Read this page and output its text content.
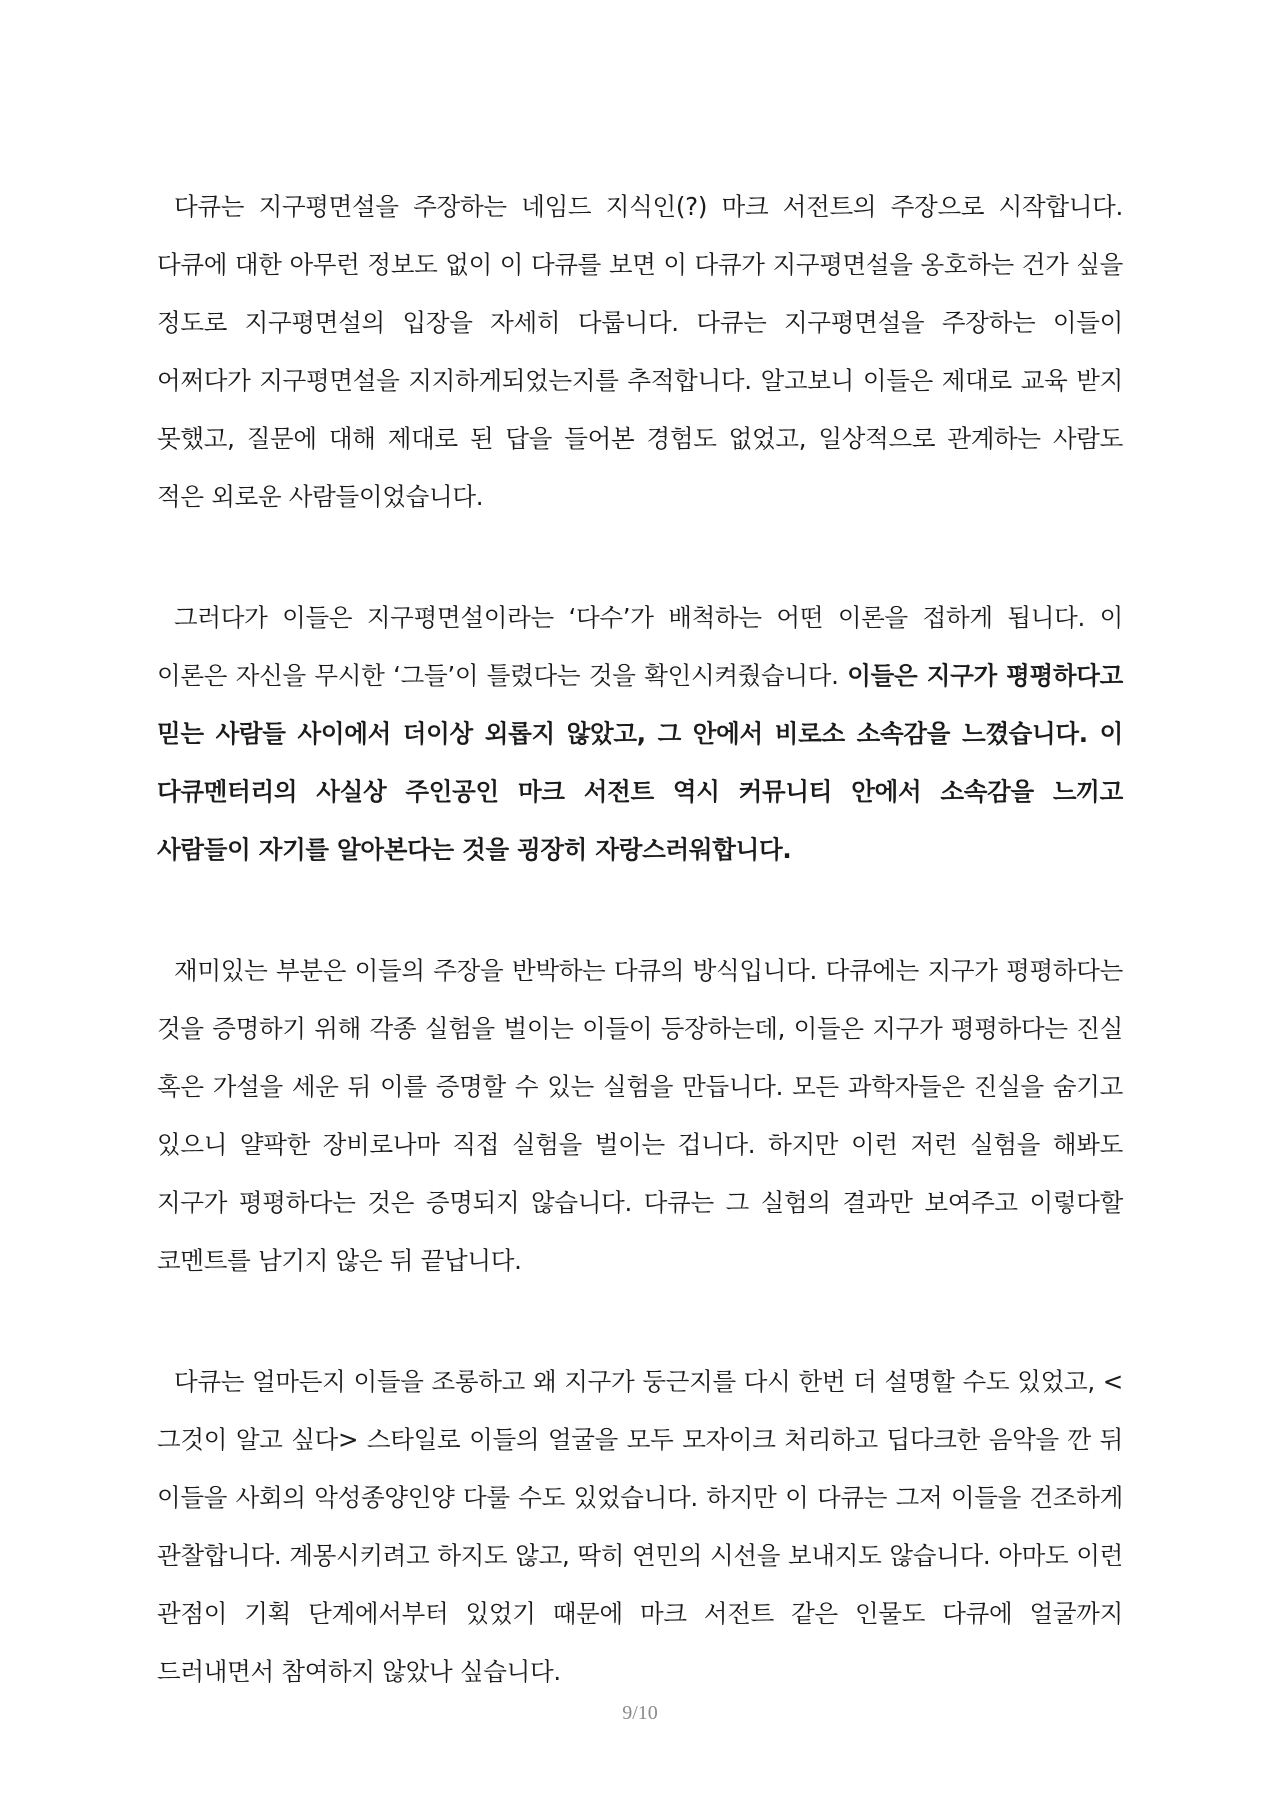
다큐는 지구평면설을 주장하는 네임드 지식인(?) 마크 서전트의 주장으로 시작합니다. 다큐에 대한 아무런 정보도 없이 이 다큐를 보면 이 다큐가 지구평면설을 옹호하는 건가 싶을 정도로 지구평면설의 입장을 자세히 다룹니다. 다큐는 지구평면설을 주장하는 이들이 어쩌다가 지구평면설을 지지하게되었는지를 추적합니다. 알고보니 이들은 제대로 교육 받지 못했고, 질문에 대해 제대로 된 답을 들어본 경험도 없었고, 일상적으로 관계하는 사람도 적은 외로운 사람들이었습니다.

그러다가 이들은 지구평면설이라는 ‘다수’가 배척하는 어떤 이론을 접하게 됩니다. 이 이론은 자신을 무시한 ‘그들’이 틀렸다는 것을 확인시켜줬습니다. 이들은 지구가 평평하다고 믿는 사람들 사이에서 더이상 외롭지 않았고, 그 안에서 비로소 소속감을 느꼈습니다. 이 다큐멘터리의 사실상 주인공인 마크 서전트 역시 커뮤니티 안에서 소속감을 느끼고 사람들이 자기를 알아본다는 것을 굉장히 자랑스러워합니다.

재미있는 부분은 이들의 주장을 반박하는 다큐의 방식입니다. 다큐에는 지구가 평평하다는 것을 증명하기 위해 각종 실험을 벌이는 이들이 등장하는데, 이들은 지구가 평평하다는 진실 혹은 가설을 세운 뒤 이를 증명할 수 있는 실험을 만듭니다. 모든 과학자들은 진실을 숨기고 있으니 얄팍한 장비로나마 직접 실험을 벌이는 겁니다. 하지만 이런 저런 실험을 해봐도 지구가 평평하다는 것은 증명되지 않습니다. 다큐는 그 실험의 결과만 보여주고 이렇다할 코멘트를 남기지 않은 뒤 끝납니다.

다큐는 얼마든지 이들을 조롱하고 왜 지구가 둥근지를 다시 한번 더 설명할 수도 있었고, <그것이 알고 싶다> 스타일로 이들의 얼굴을 모두 모자이크 처리하고 딥다크한 음악을 깐 뒤 이들을 사회의 악성종양인양 다룰 수도 있었습니다. 하지만 이 다큐는 그저 이들을 건조하게 관찰합니다. 계몽시키려고 하지도 않고, 딱히 연민의 시선을 보내지도 않습니다. 아마도 이런 관점이 기획 단계에서부터 있었기 때문에 마크 서전트 같은 인물도 다큐에 얼굴까지 드러내면서 참여하지 않았나 싶습니다.

9/10
